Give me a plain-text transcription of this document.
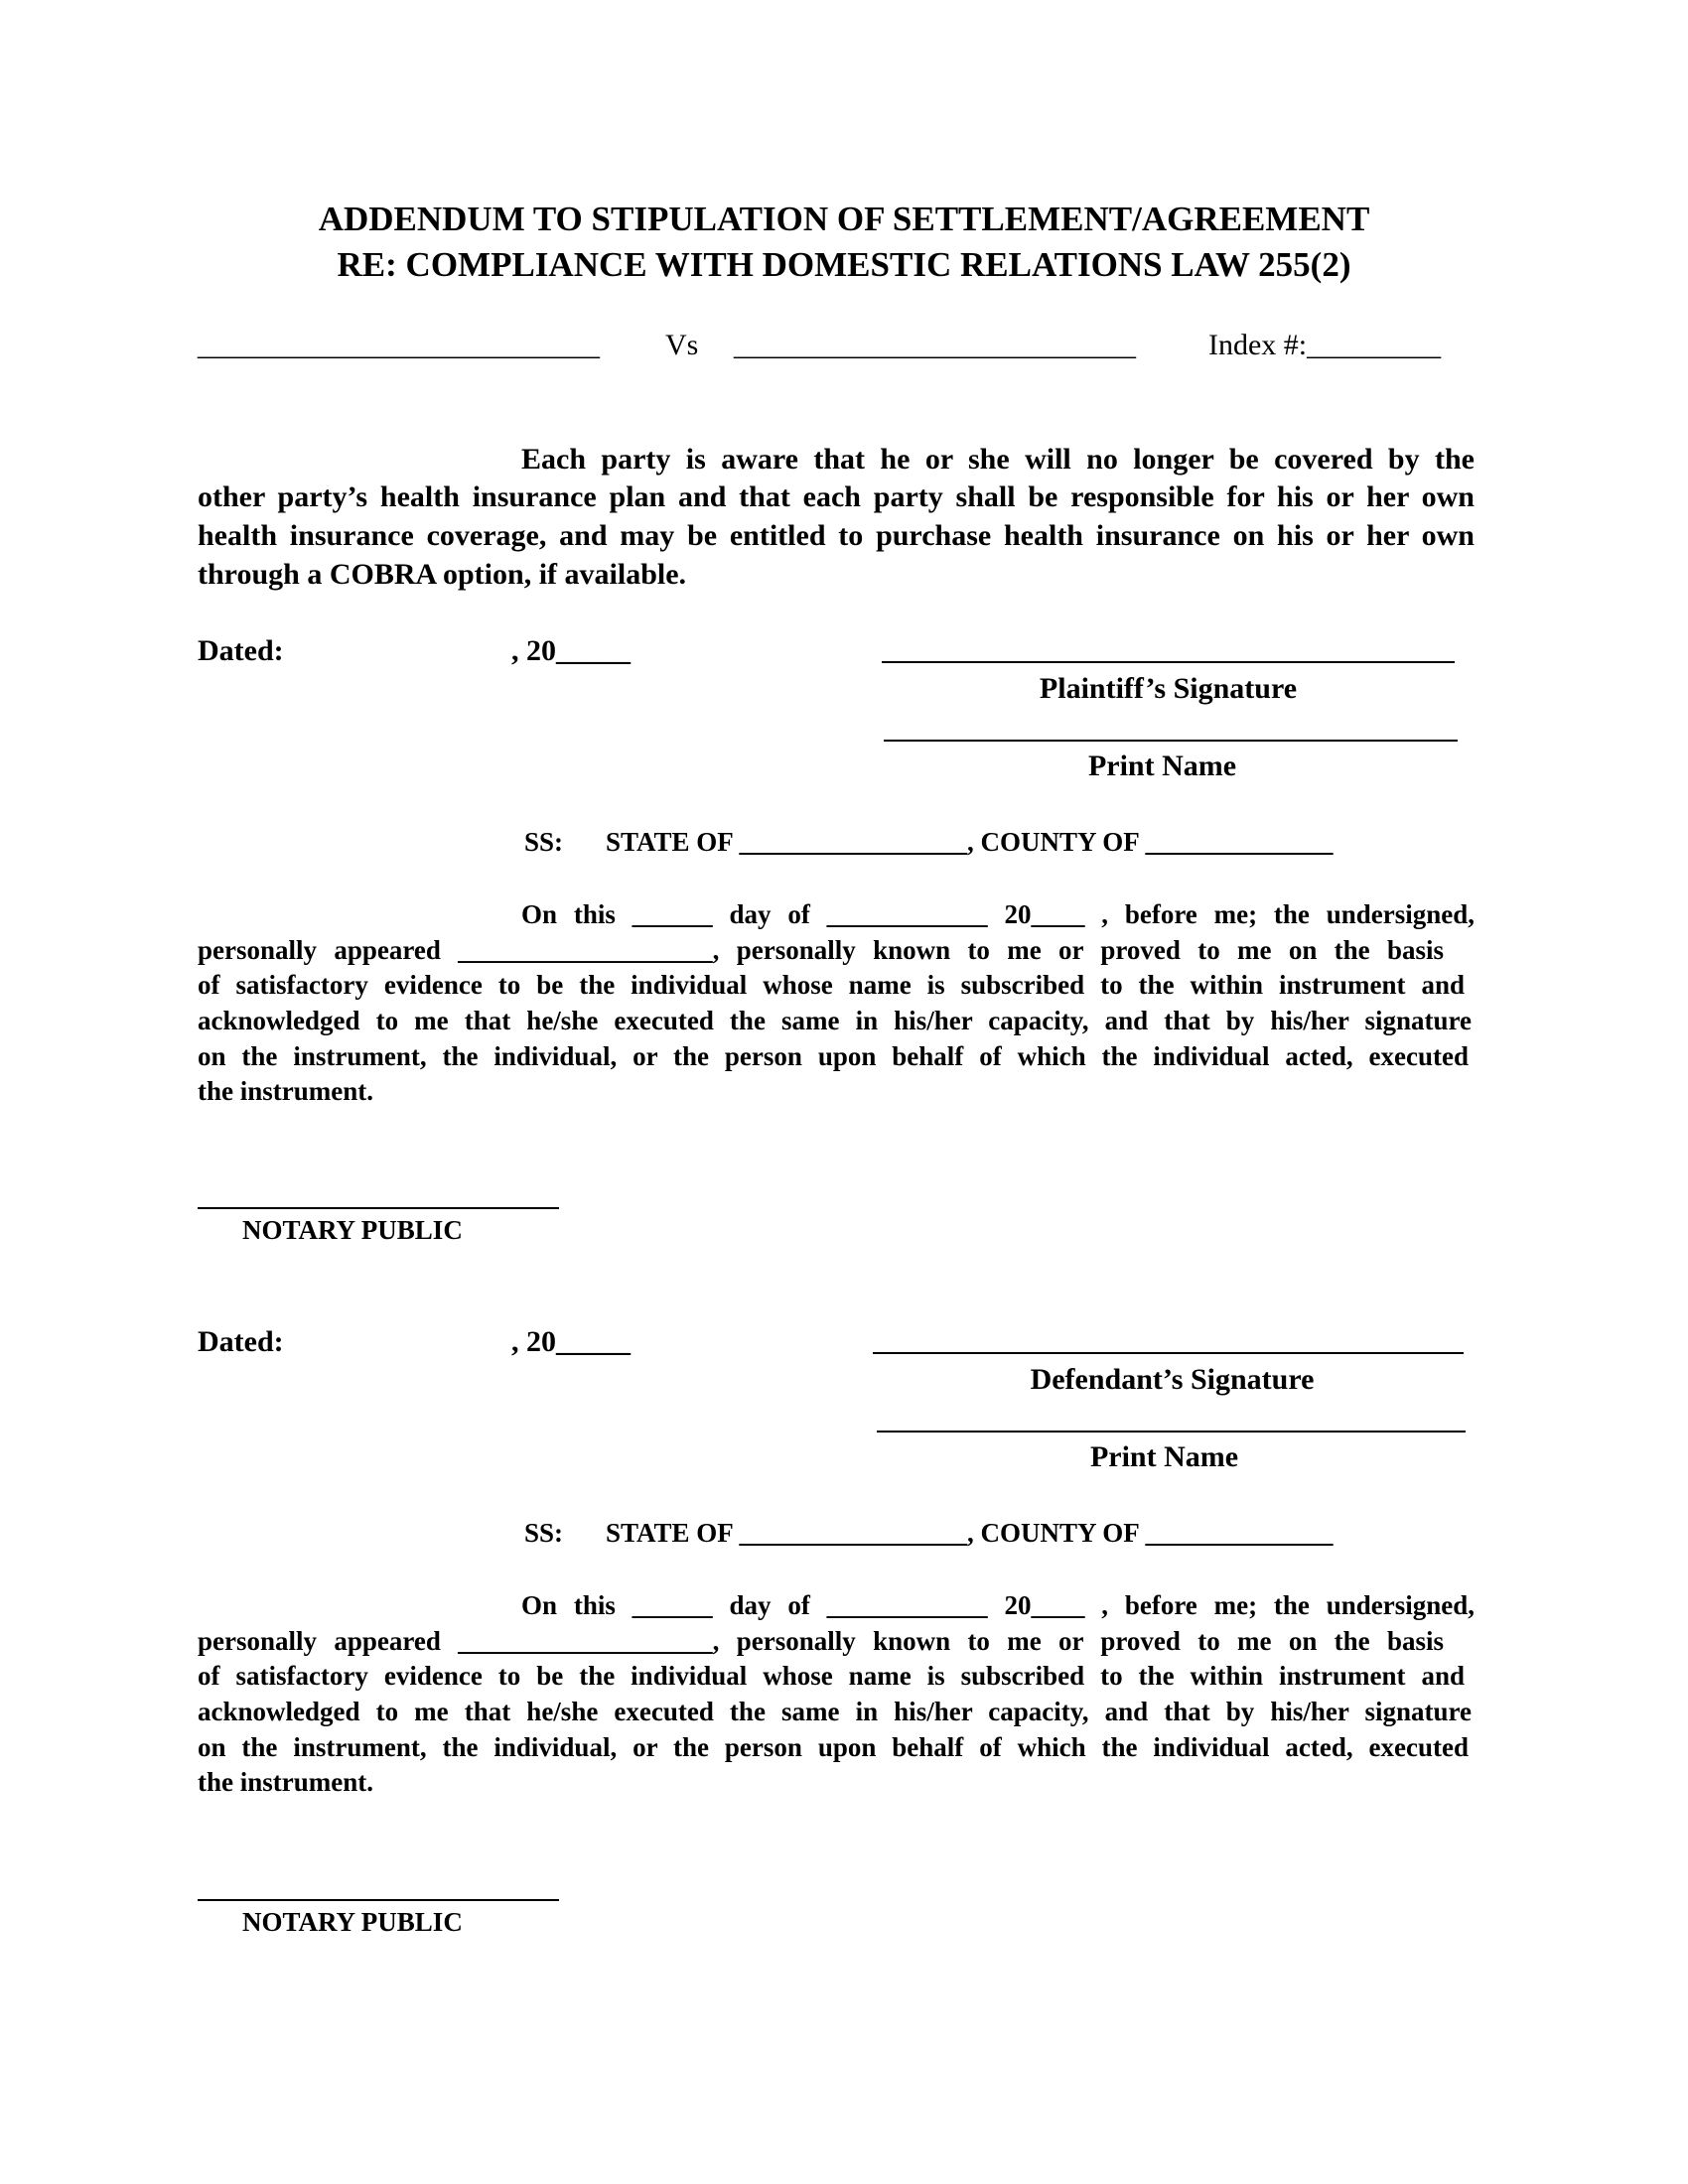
ADDENDUM TO STIPULATION OF SETTLEMENT/AGREEMENT
RE: COMPLIANCE WITH DOMESTIC RELATIONS LAW 255(2)
___________________________ Vs ___________________________ Index #:_________
Each party is aware that he or she will no longer be covered by the
other party’s health insurance plan and that each party shall be responsible for his or her own
health insurance coverage, and may be entitled to purchase health insurance on his or her own
through a COBRA option, if available.
Dated:	, 20_____
Plaintiff’s Signature
Print Name
SS: STATE OF _________________, COUNTY OF ______________
On this ______ day of ____________ 20____ , before me; the undersigned,
personally appeared ___________________, personally known to me or proved to me on the basis
of satisfactory evidence to be the individual whose name is subscribed to the within instrument and
acknowledged to me that he/she executed the same in his/her capacity, and that by his/her signature
on the instrument, the individual, or the person upon behalf of which the individual acted, executed
the instrument.
NOTARY PUBLIC
Dated:	, 20_____
Defendant’s Signature
Print Name
SS: STATE OF _________________, COUNTY OF ______________
On this ______ day of ____________ 20____ , before me; the undersigned,
personally appeared ___________________, personally known to me or proved to me on the basis
of satisfactory evidence to be the individual whose name is subscribed to the within instrument and
acknowledged to me that he/she executed the same in his/her capacity, and that by his/her signature
on the instrument, the individual, or the person upon behalf of which the individual acted, executed
the instrument.
NOTARY PUBLIC
